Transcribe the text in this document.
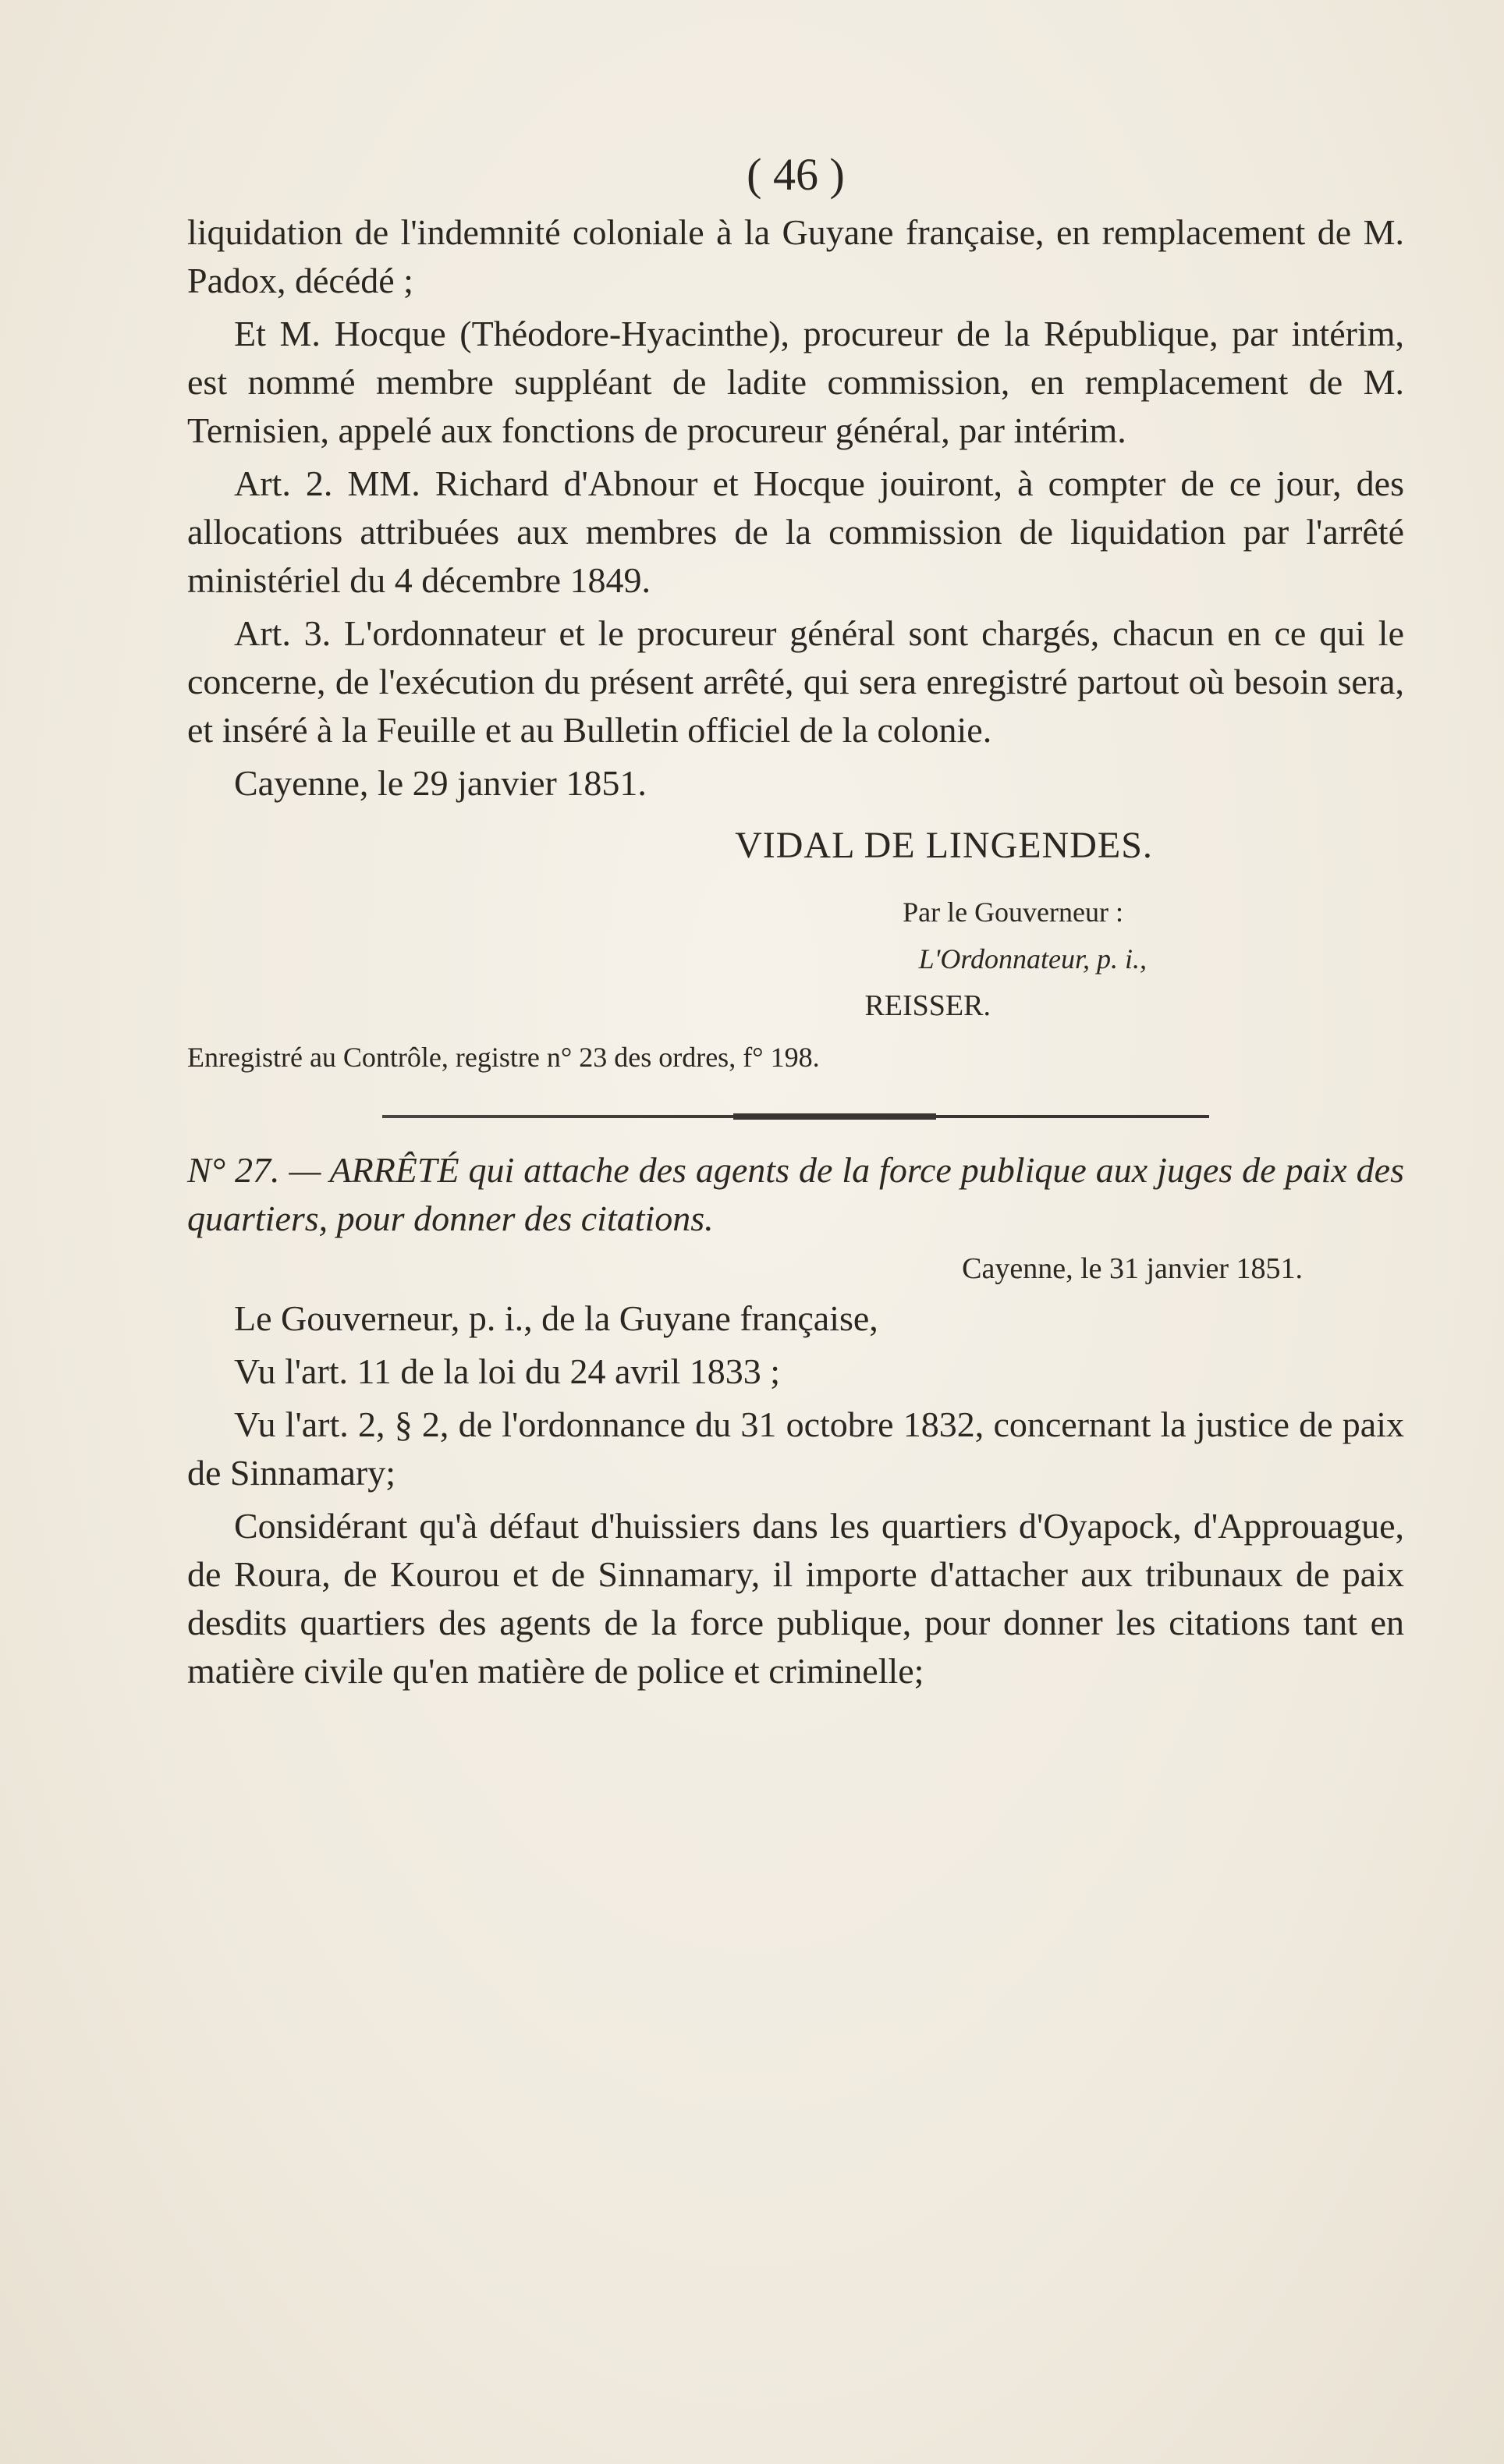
( 46 )

liquidation de l'indemnité coloniale à la Guyane française, en remplacement de M. Padox, décédé ;

Et M. Hocque (Théodore-Hyacinthe), procureur de la République, par intérim, est nommé membre suppléant de ladite commission, en remplacement de M. Ternisien, appelé aux fonctions de procureur général, par intérim.

Art. 2. MM. Richard d'Abnour et Hocque jouiront, à compter de ce jour, des allocations attribuées aux membres de la commission de liquidation par l'arrêté ministériel du 4 décembre 1849.

Art. 3. L'ordonnateur et le procureur général sont chargés, chacun en ce qui le concerne, de l'exécution du présent arrêté, qui sera enregistré partout où besoin sera, et inséré à la Feuille et au Bulletin officiel de la colonie.

Cayenne, le 29 janvier 1851.

VIDAL DE LINGENDES.
Par le Gouverneur :
L'Ordonnateur, p. i.,
REISSER.
Enregistré au Contrôle, registre n° 23 des ordres, f° 198.

N° 27. — ARRÊTÉ qui attache des agents de la force publique aux juges de paix des quartiers, pour donner des citations.

Cayenne, le 31 janvier 1851.

Le Gouverneur, p. i., de la Guyane française,

Vu l'art. 11 de la loi du 24 avril 1833 ;

Vu l'art. 2, § 2, de l'ordonnance du 31 octobre 1832, concernant la justice de paix de Sinnamary;

Considérant qu'à défaut d'huissiers dans les quartiers d'Oyapock, d'Approuague, de Roura, de Kourou et de Sinnamary, il importe d'attacher aux tribunaux de paix desdits quartiers des agents de la force publique, pour donner les citations tant en matière civile qu'en matière de police et criminelle;
